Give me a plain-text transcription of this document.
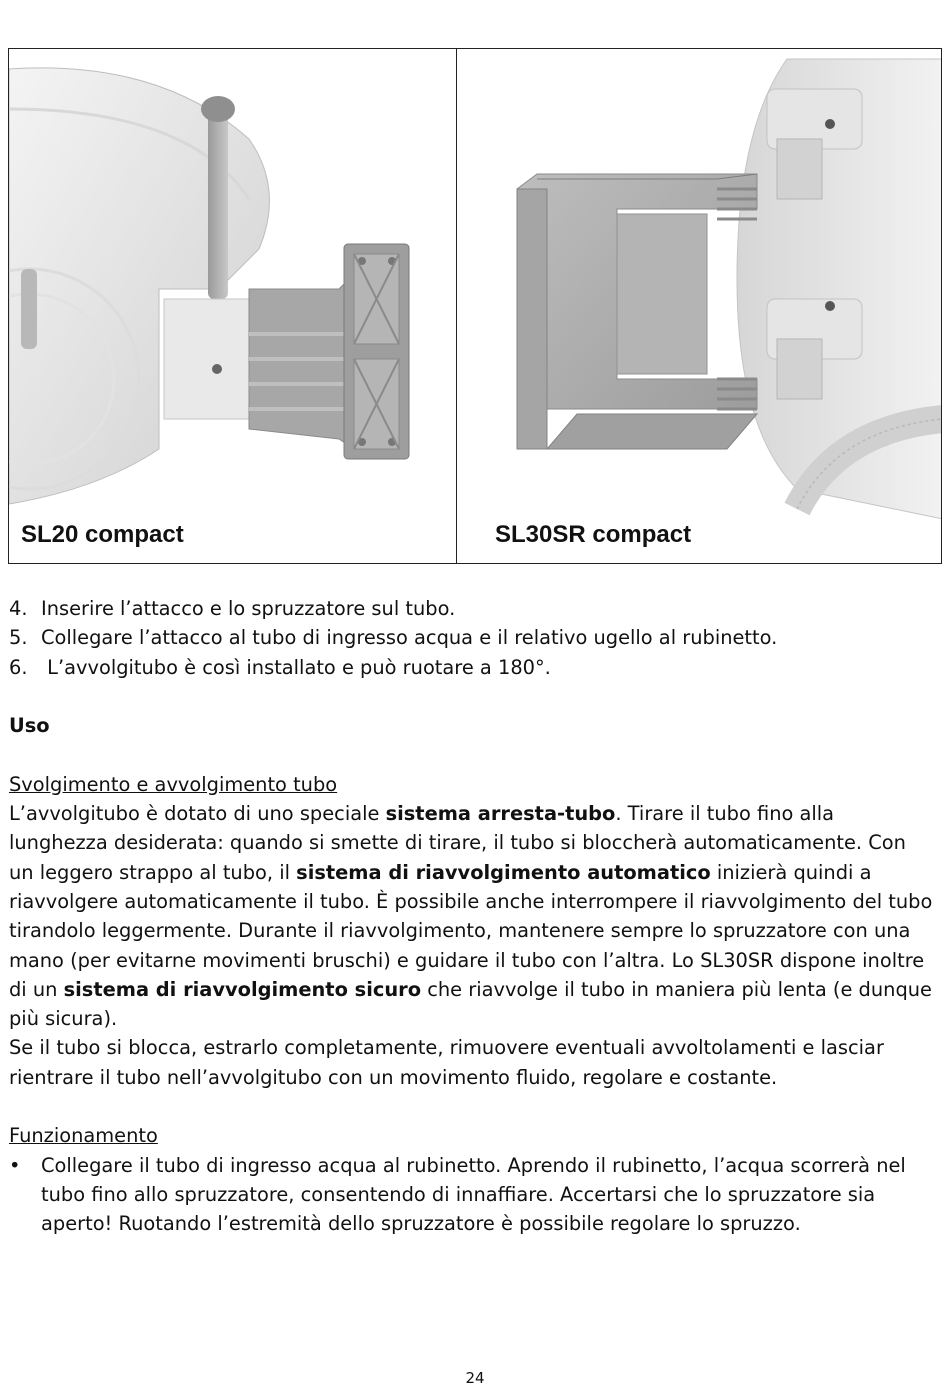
SL20 compact	SL30SR compact
4. Inserire l’attacco e lo spruzzatore sul tubo.
5. Collegare l’attacco al tubo di ingresso acqua e il relativo ugello al rubinetto.
6. L’avvolgitubo è così installato e può ruotare a 180°.
Uso
Svolgimento e avvolgimento tubo

L’avvolgitubo è dotato di uno speciale sistema arresta-tubo. Tirare il tubo fino alla lunghezza desiderata: quando si smette di tirare, il tubo si bloccherà automaticamente. Con un leggero strappo al tubo, il sistema di riavvolgimento automatico inizierà quindi a riavvolgere automaticamente il tubo. È possibile anche interrompere il riavvolgimento del tubo tirandolo leggermente. Durante il riavvolgimento, mantenere sempre lo spruzzatore con una mano (per evitarne movimenti bruschi) e guidare il tubo con l’altra. Lo SL30SR dispone inoltre di un sistema di riavvolgimento sicuro che riavvolge il tubo in maniera più lenta (e dunque più sicura).

Se il tubo si blocca, estrarlo completamente, rimuovere eventuali avvoltolamenti e lasciar rientrare il tubo nell’avvolgitubo con un movimento fluido, regolare e costante.

Funzionamento
•	Collegare il tubo di ingresso acqua al rubinetto. Aprendo il rubinetto, l’acqua scorrerà nel tubo fino allo spruzzatore, consentendo di innaffiare. Accertarsi che lo spruzzatore sia aperto! Ruotando l’estremità dello spruzzatore è possibile regolare lo spruzzo.
24
